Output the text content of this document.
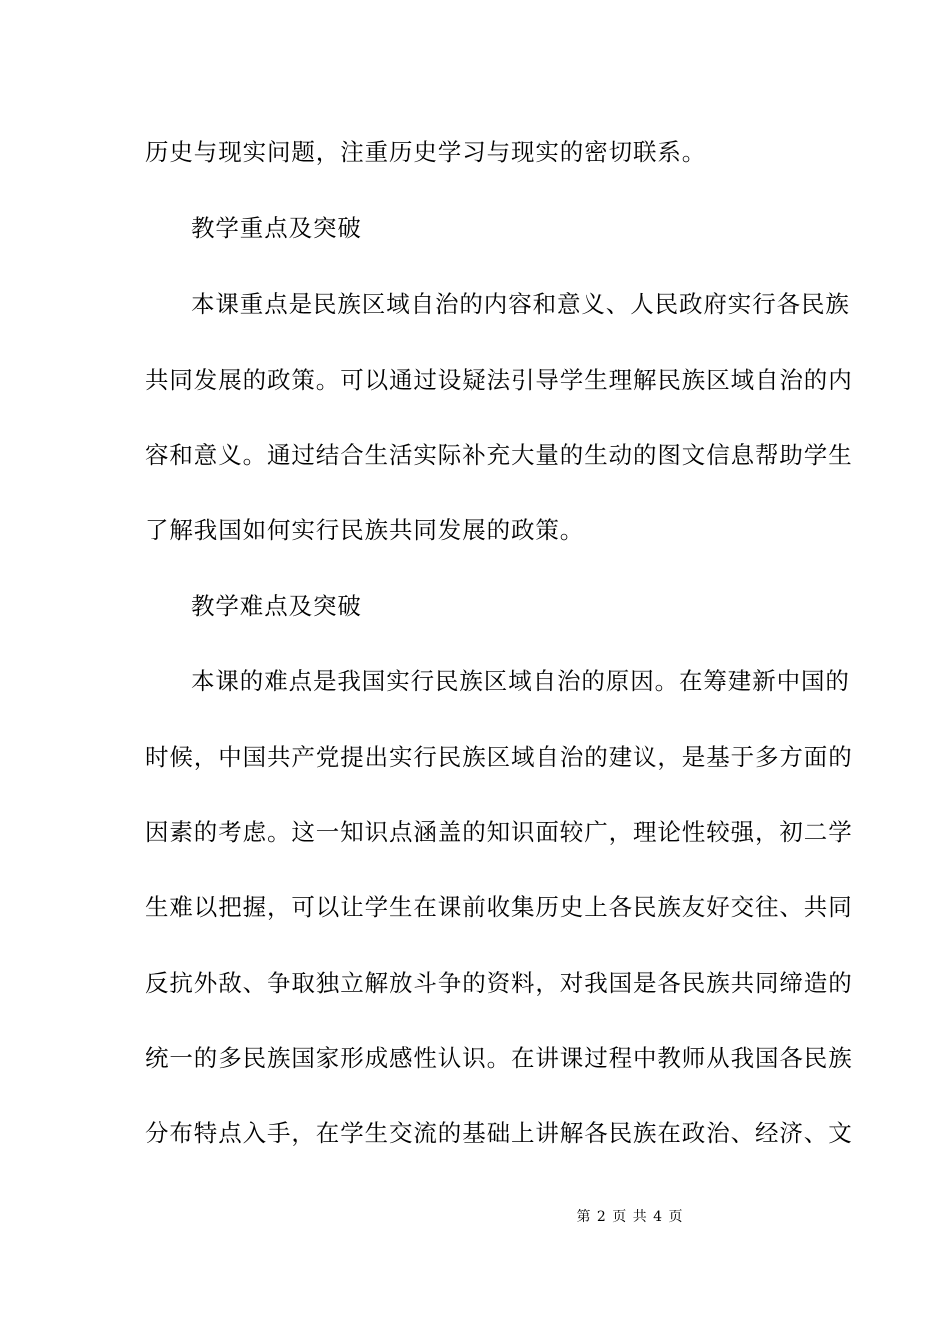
历史与现实问题，注重历史学习与现实的密切联系。
教学重点及突破
本课重点是民族区域自治的内容和意义、人民政府实行各民族
共同发展的政策。可以通过设疑法引导学生理解民族区域自治的内
容和意义。通过结合生活实际补充大量的生动的图文信息帮助学生
了解我国如何实行民族共同发展的政策。
教学难点及突破
本课的难点是我国实行民族区域自治的原因。在筹建新中国的
时候，中国共产党提出实行民族区域自治的建议，是基于多方面的
因素的考虑。这一知识点涵盖的知识面较广，理论性较强，初二学
生难以把握，可以让学生在课前收集历史上各民族友好交往、共同
反抗外敌、争取独立解放斗争的资料，对我国是各民族共同缔造的
统一的多民族国家形成感性认识。在讲课过程中教师从我国各民族
分布特点入手，在学生交流的基础上讲解各民族在政治、经济、文
第 2 页 共 4 页
